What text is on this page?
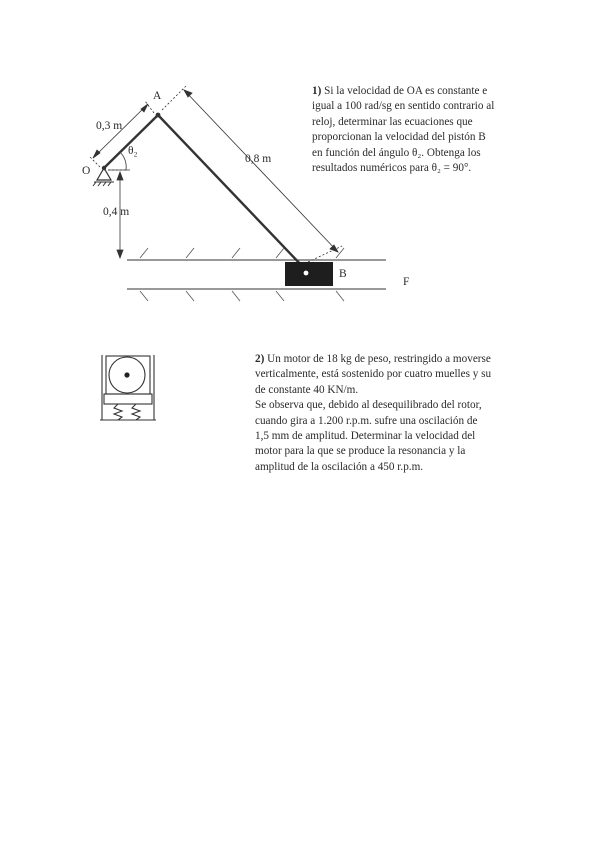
A
O
θ₂
0,3 m
0,8 m
0,4 m
B
F

1) Si la velocidad de OA es constante e

igual a 100 rad/sg en sentido contrario al

reloj, determinar las ecuaciones que

proporcionan la velocidad del pistón B

en función del ángulo θ₂. Obtenga los

resultados numéricos para θ₂ = 90°.

2) Un motor de 18 kg de peso, restringido a moverse

verticalmente, está sostenido por cuatro muelles y su

de constante 40 KN/m.

Se observa que, debido al desequilibrado del rotor,

cuando gira a 1.200 r.p.m. sufre una oscilación de

1,5 mm de amplitud. Determinar la velocidad del

motor para la que se produce la resonancia y la

amplitud de la oscilación a 450 r.p.m.
